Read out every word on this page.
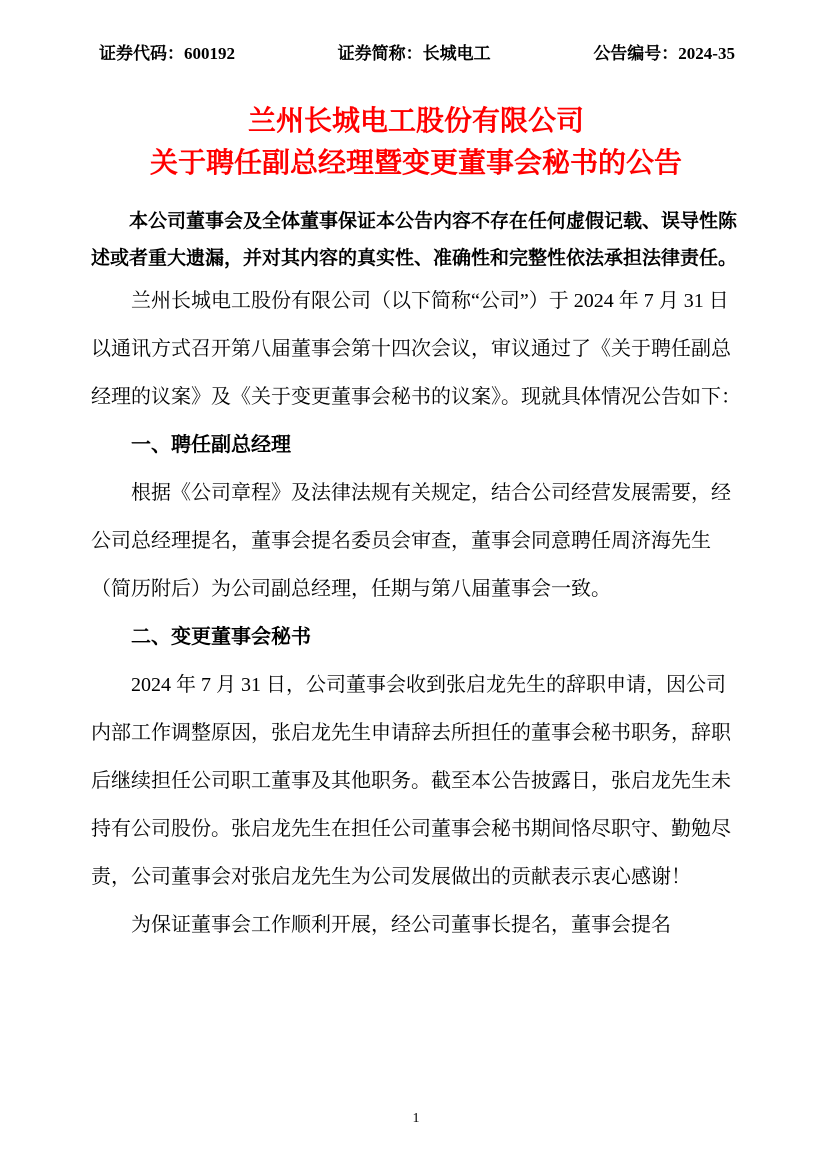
证券代码：600192	证券简称：长城电工	公告编号：2024-35
兰州长城电工股份有限公司
关于聘任副总经理暨变更董事会秘书的公告

本公司董事会及全体董事保证本公告内容不存在任何虚假记载、误导性陈述或者重大遗漏，并对其内容的真实性、准确性和完整性依法承担法律责任。

兰州长城电工股份有限公司（以下简称“公司”）于 2024 年 7 月 31 日以通讯方式召开第八届董事会第十四次会议，审议通过了《关于聘任副总经理的议案》及《关于变更董事会秘书的议案》。现就具体情况公告如下：

一、聘任副总经理

根据《公司章程》及法律法规有关规定，结合公司经营发展需要，经公司总经理提名，董事会提名委员会审查，董事会同意聘任周济海先生（简历附后）为公司副总经理，任期与第八届董事会一致。

二、变更董事会秘书

2024 年 7 月 31 日，公司董事会收到张启龙先生的辞职申请，因公司内部工作调整原因，张启龙先生申请辞去所担任的董事会秘书职务，辞职后继续担任公司职工董事及其他职务。截至本公告披露日，张启龙先生未持有公司股份。张启龙先生在担任公司董事会秘书期间恪尽职守、勤勉尽责，公司董事会对张启龙先生为公司发展做出的贡献表示衷心感谢！

为保证董事会工作顺利开展，经公司董事长提名，董事会提名

1
